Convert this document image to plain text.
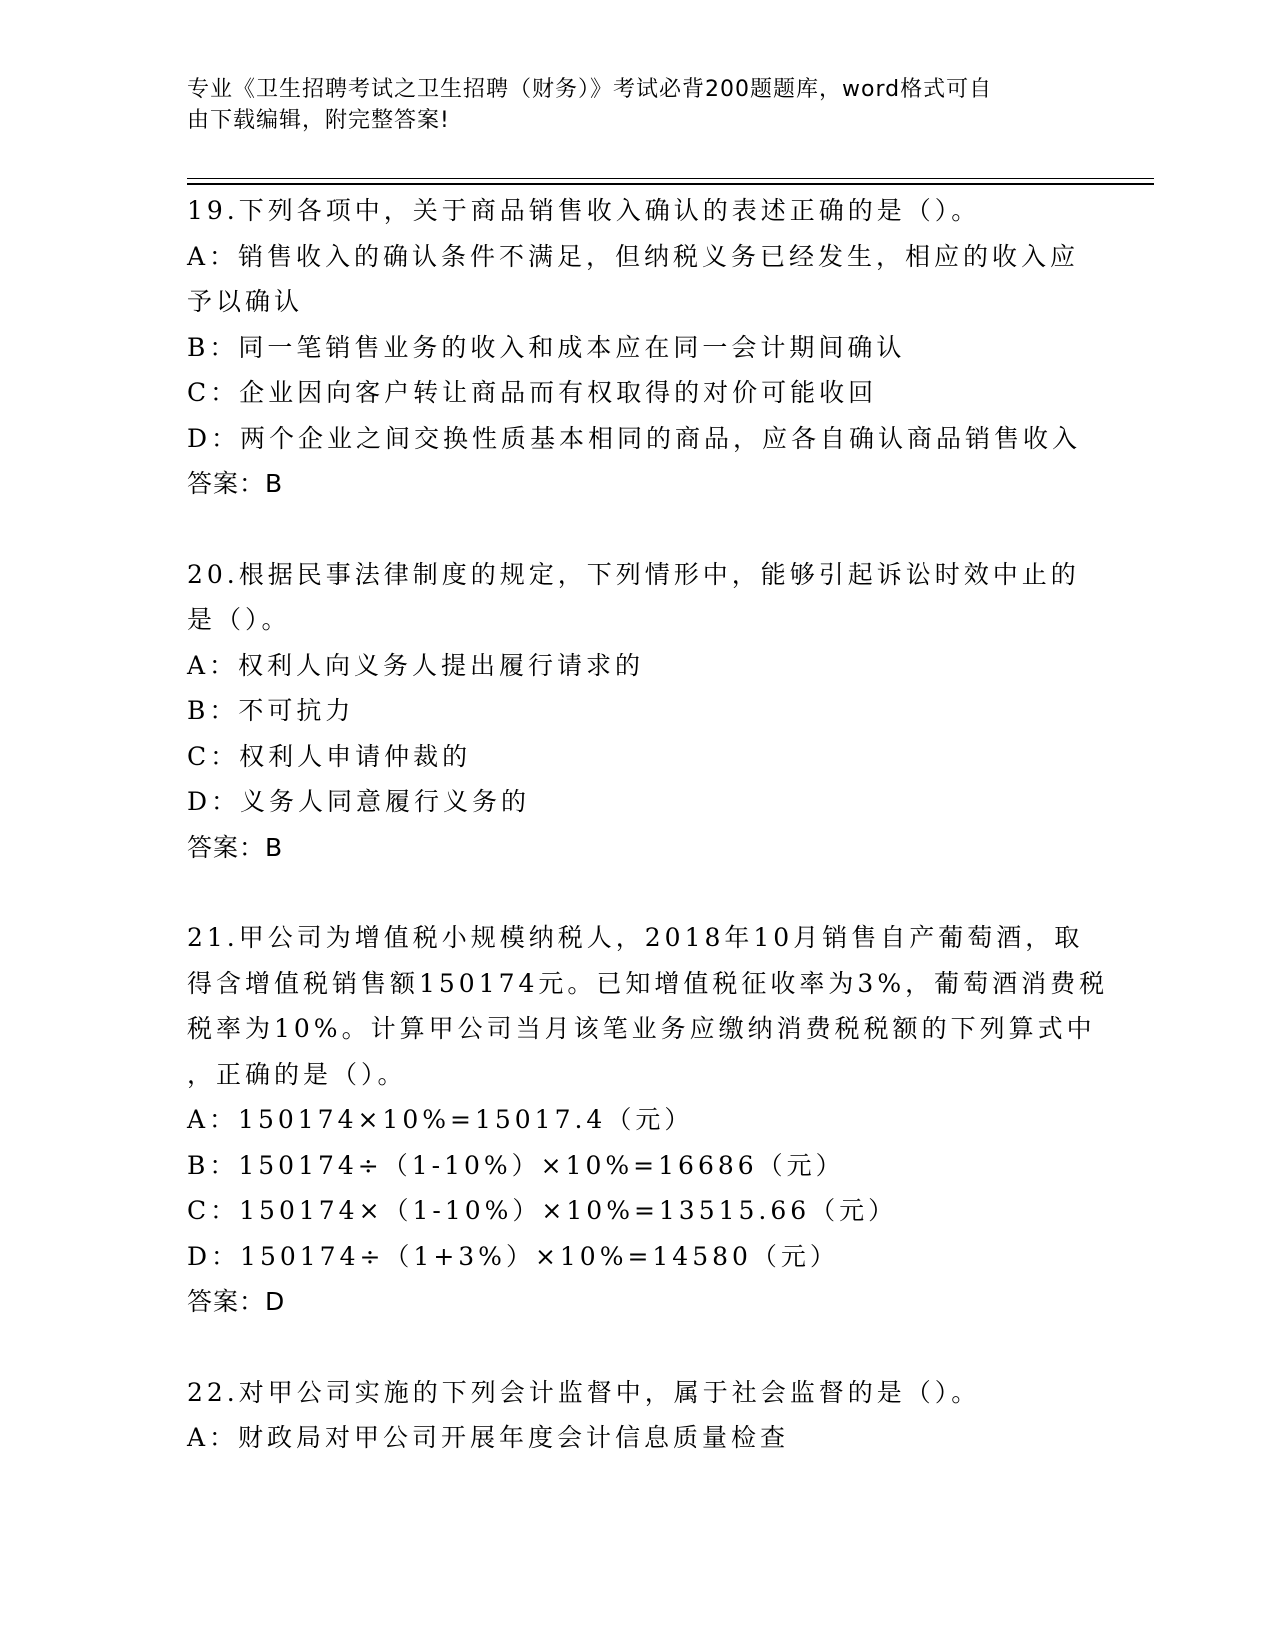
专业《卫生招聘考试之卫生招聘（财务）》考试必背200题题库，word格式可自
由下载编辑，附完整答案!
19.下列各项中，关于商品销售收入确认的表述正确的是（）。
A：销售收入的确认条件不满足，但纳税义务已经发生，相应的收入应
予以确认
B：同一笔销售业务的收入和成本应在同一会计期间确认
C：企业因向客户转让商品而有权取得的对价可能收回
D：两个企业之间交换性质基本相同的商品，应各自确认商品销售收入
答案：B
20.根据民事法律制度的规定，下列情形中，能够引起诉讼时效中止的
是（）。
A：权利人向义务人提出履行请求的
B：不可抗力
C：权利人申请仲裁的
D：义务人同意履行义务的
答案：B
21.甲公司为增值税小规模纳税人，2018年10月销售自产葡萄酒，取
得含增值税销售额150174元。已知增值税征收率为3%，葡萄酒消费税
税率为10%。计算甲公司当月该笔业务应缴纳消费税税额的下列算式中
，正确的是（）。
A：150174×10%=15017.4（元）
B：150174÷（1-10%）×10%=16686（元）
C：150174×（1-10%）×10%=13515.66（元）
D：150174÷（1+3%）×10%=14580（元）
答案：D
22.对甲公司实施的下列会计监督中，属于社会监督的是（）。
A：财政局对甲公司开展年度会计信息质量检查
